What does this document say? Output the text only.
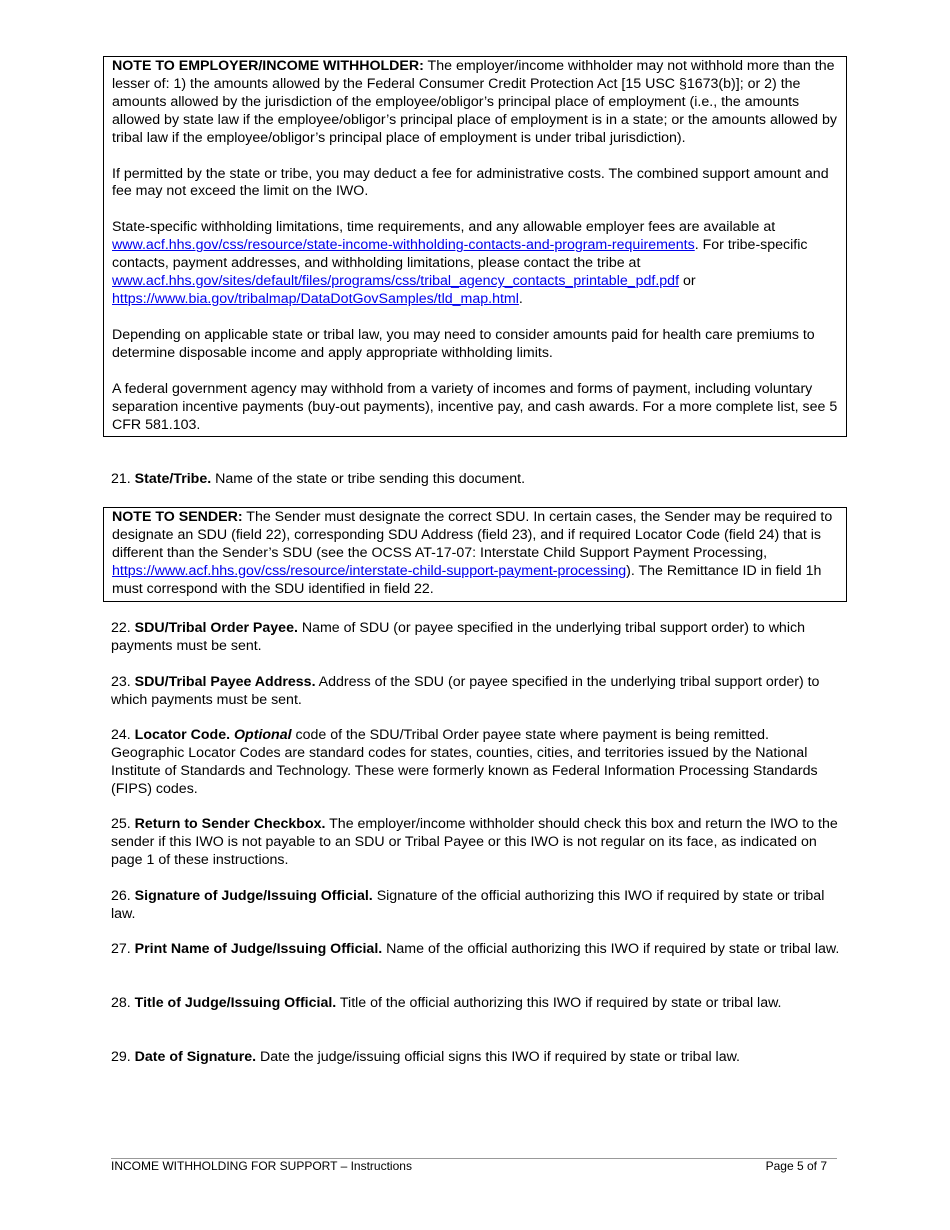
NOTE TO EMPLOYER/INCOME WITHHOLDER: The employer/income withholder may not withhold more than the lesser of: 1) the amounts allowed by the Federal Consumer Credit Protection Act [15 USC §1673(b)]; or 2) the amounts allowed by the jurisdiction of the employee/obligor’s principal place of employment (i.e., the amounts allowed by state law if the employee/obligor’s principal place of employment is in a state; or the amounts allowed by tribal law if the employee/obligor’s principal place of employment is under tribal jurisdiction).

If permitted by the state or tribe, you may deduct a fee for administrative costs. The combined support amount and fee may not exceed the limit on the IWO.

State-specific withholding limitations, time requirements, and any allowable employer fees are available at www.acf.hhs.gov/css/resource/state-income-withholding-contacts-and-program-requirements. For tribe-specific contacts, payment addresses, and withholding limitations, please contact the tribe at www.acf.hhs.gov/sites/default/files/programs/css/tribal_agency_contacts_printable_pdf.pdf or https://www.bia.gov/tribalmap/DataDotGovSamples/tld_map.html.

Depending on applicable state or tribal law, you may need to consider amounts paid for health care premiums to determine disposable income and apply appropriate withholding limits.

A federal government agency may withhold from a variety of incomes and forms of payment, including voluntary separation incentive payments (buy-out payments), incentive pay, and cash awards. For a more complete list, see 5 CFR 581.103.

21. State/Tribe. Name of the state or tribe sending this document.

NOTE TO SENDER: The Sender must designate the correct SDU. In certain cases, the Sender may be required to designate an SDU (field 22), corresponding SDU Address (field 23), and if required Locator Code (field 24) that is different than the Sender’s SDU (see the OCSS AT-17-07: Interstate Child Support Payment Processing, https://www.acf.hhs.gov/css/resource/interstate-child-support-payment-processing). The Remittance ID in field 1h must correspond with the SDU identified in field 22.

22. SDU/Tribal Order Payee. Name of SDU (or payee specified in the underlying tribal support order) to which payments must be sent.

23. SDU/Tribal Payee Address. Address of the SDU (or payee specified in the underlying tribal support order) to which payments must be sent.

24. Locator Code. Optional code of the SDU/Tribal Order payee state where payment is being remitted. Geographic Locator Codes are standard codes for states, counties, cities, and territories issued by the National Institute of Standards and Technology. These were formerly known as Federal Information Processing Standards (FIPS) codes.

25. Return to Sender Checkbox. The employer/income withholder should check this box and return the IWO to the sender if this IWO is not payable to an SDU or Tribal Payee or this IWO is not regular on its face, as indicated on page 1 of these instructions.

26. Signature of Judge/Issuing Official. Signature of the official authorizing this IWO if required by state or tribal law.

27. Print Name of Judge/Issuing Official. Name of the official authorizing this IWO if required by state or tribal law.

28. Title of Judge/Issuing Official. Title of the official authorizing this IWO if required by state or tribal law.

29. Date of Signature. Date the judge/issuing official signs this IWO if required by state or tribal law.

INCOME WITHHOLDING FOR SUPPORT – Instructions	Page 5 of 7
